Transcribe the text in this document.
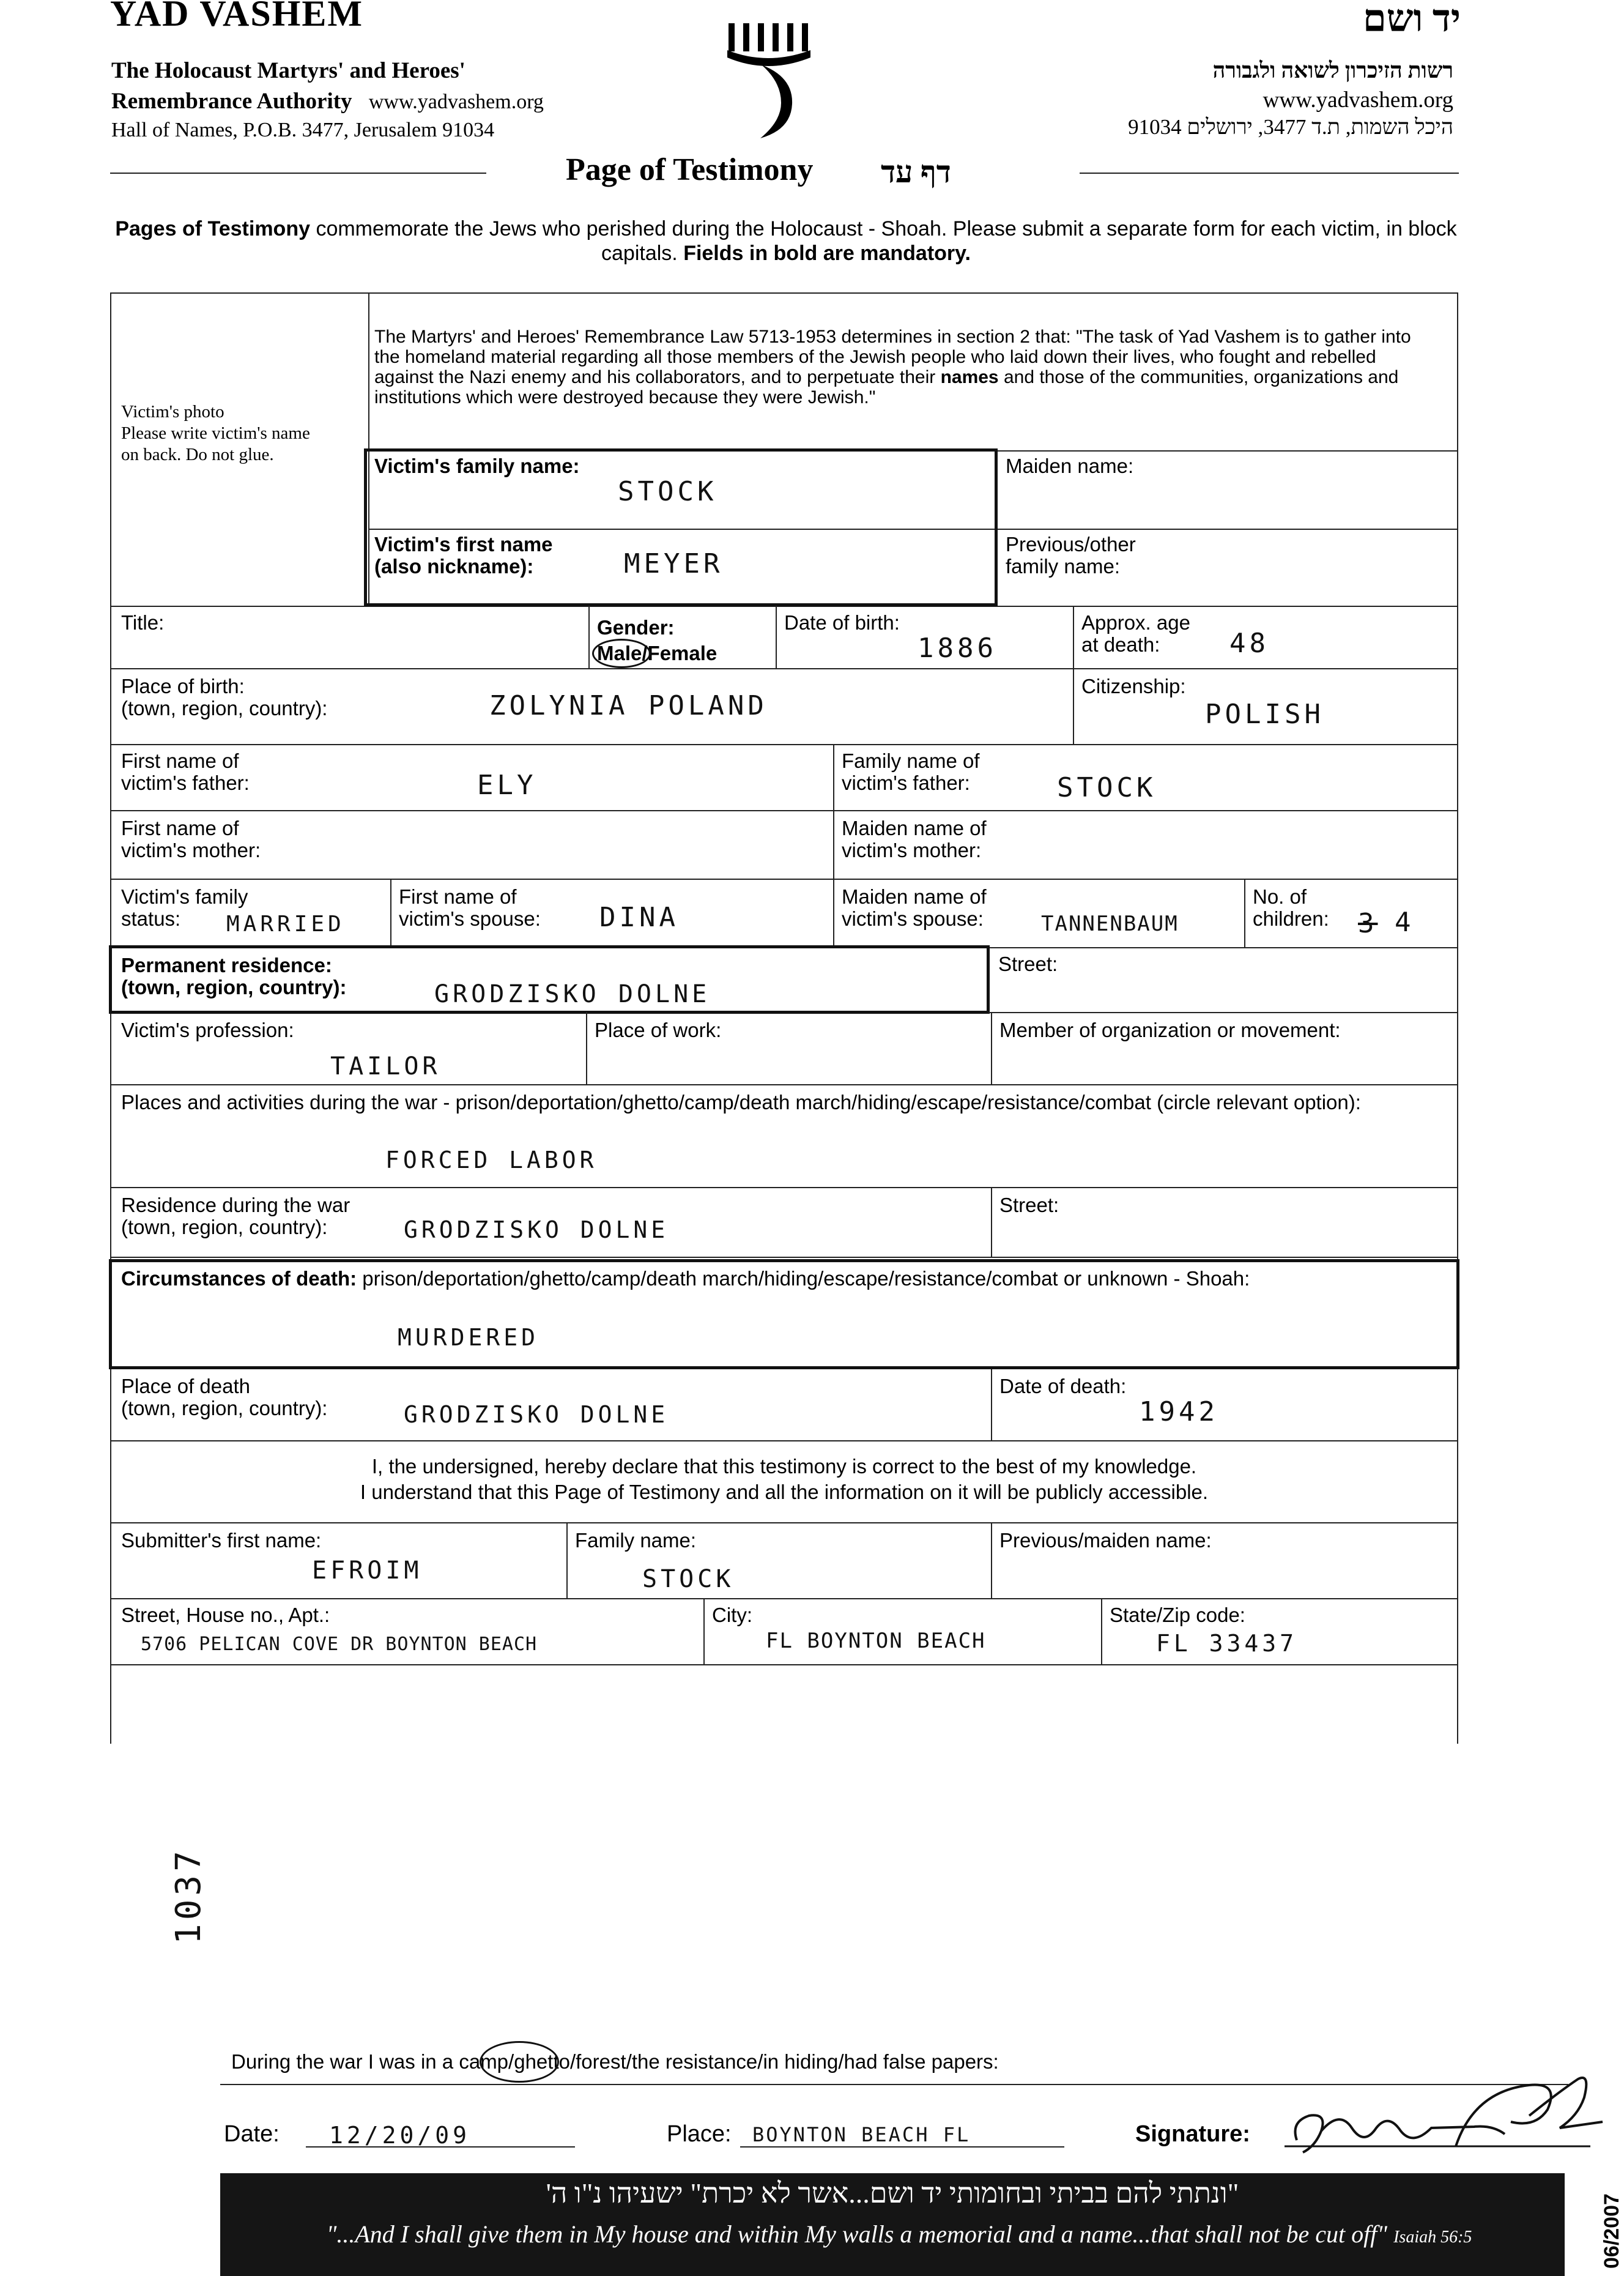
YAD VASHEM
The Holocaust Martyrs' and Heroes'
Remembrance Authority www.yadvashem.org
Hall of Names, P.O.B. 3477, Jerusalem 91034
יד ושם
רשות הזיכרון לשואה ולגבורה
www.yadvashem.org
היכל השמות, ת.ד 3477, ירושלים 91034
Page of Testimony דף עד
Pages of Testimony commemorate the Jews who perished during the Holocaust - Shoah. Please submit a separate form for each victim, in block capitals. Fields in bold are mandatory.
Victim's photo
Please write victim's name
on back. Do not glue.
The Martyrs' and Heroes' Remembrance Law 5713-1953 determines in section 2 that: "The task of Yad Vashem is to gather into the homeland material regarding all those members of the Jewish people who laid down their lives, who fought and rebelled against the Nazi enemy and his collaborators, and to perpetuate their names and those of the communities, organizations and institutions which were destroyed because they were Jewish."
Victim's family name:
STOCK
Maiden name:
Victim's first name
(also nickname):	MEYER
Previous/other
family name:
Title:	Gender:
Male/Female
Date of birth:
1886
Approx. age
at death:	48
Place of birth:
(town, region, country):	ZOLYNIA POLAND
Citizenship:
POLISH
First name of
victim's father:	ELY
Family name of
victim's father:	STOCK
First name of
victim's mother:
Maiden name of
victim's mother:
Victim's family
status:	MARRIED
First name of
victim's spouse: DINA
Maiden name of
victim's spouse:	TANNENBAUM
No. of
children: 3 4
Permanent residence:
(town, region, country):	GRODZISKO DOLNE
Street:
Victim's profession:
TAILOR
Place of work:	Member of organization or movement:
Places and activities during the war - prison/deportation/ghetto/camp/death march/hiding/escape/resistance/combat (circle relevant option):
FORCED LABOR
Residence during the war
(town, region, country):	GRODZISKO DOLNE
Street:
Circumstances of death: prison/deportation/ghetto/camp/death march/hiding/escape/resistance/combat or unknown - Shoah:
MURDERED
Place of death
(town, region, country):	GRODZISKO DOLNE
Date of death:
1942
I, the undersigned, hereby declare that this testimony is correct to the best of my knowledge.
I understand that this Page of Testimony and all the information on it will be publicly accessible.
Submitter's first name:
EFROIM
Family name:
STOCK
Previous/maiden name:
Street, House no., Apt.:
5706 PELICAN COVE DR BOYNTON BEACH
City:
FL BOYNTON BEACH
State/Zip code:
FL 33437
During the war I was in a camp/ghetto/forest/the resistance/in hiding/had false papers:
1037
Date: 12/20/09	Place: BOYNTON BEACH FL	Signature:
"ונתתי להם בביתי ובחומותי יד ושם...אשר לא יכרת" ישעיהו נ"ו ה'
"...And I shall give them in My house and within My walls a memorial and a name...that shall not be cut off" Isaiah 56:5	06/2007
